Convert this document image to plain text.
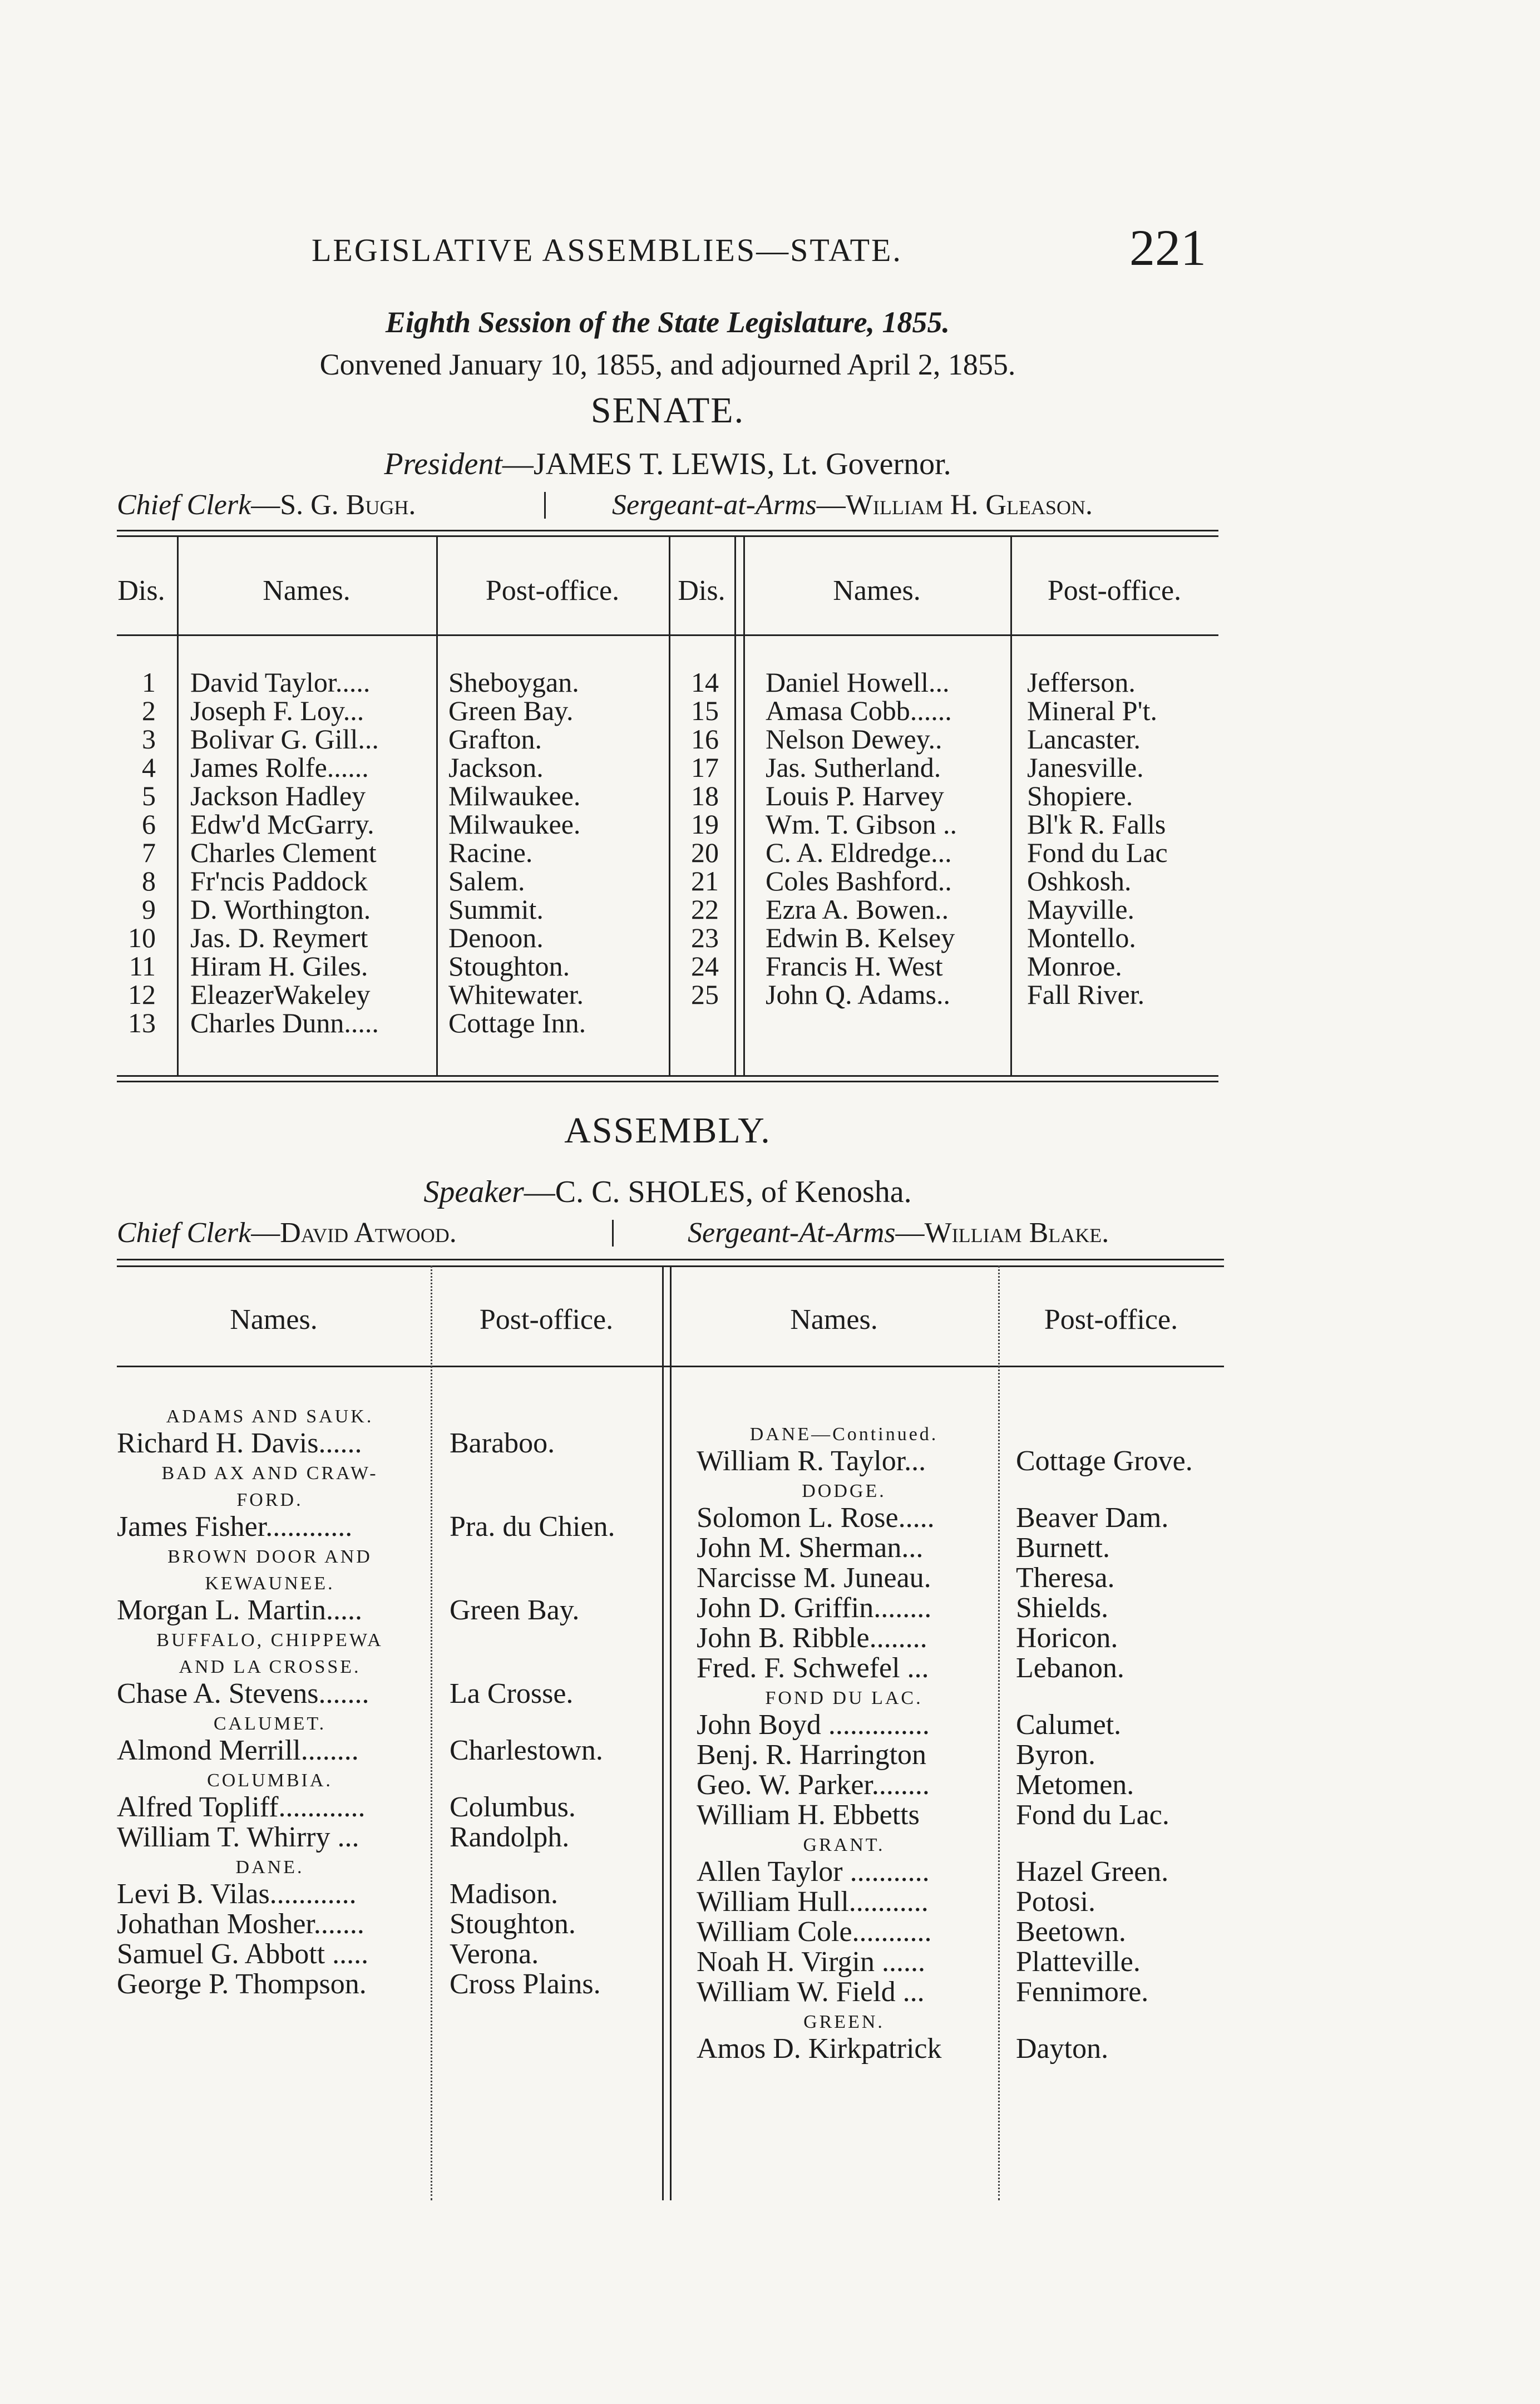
LEGISLATIVE ASSEMBLIES—STATE.	221
Eighth Session of the State Legislature, 1855.
Convened January 10, 1855, and adjourned April 2, 1855.
SENATE.
President—JAMES T. LEWIS, Lt. Governor.
Chief Clerk—S. G. Bugh.	Sergeant-at-Arms—William H. Gleason.
Dis.	Names.	Post-office.	Dis.	Names.	Post-office.
1 David Taylor.....	Sheboygan.
2 Joseph F. Loy...	Green Bay.
3 Bolivar G. Gill...	Grafton.
4 James Rolfe......	Jackson.
5 Jackson Hadley	Milwaukee.
6 Edw'd McGarry.	Milwaukee.
7 Charles Clement	Racine.
8 Fr'ncis Paddock	Salem.
9 D. Worthington.	Summit.
10 Jas. D. Reymert	Denoon.
11 Hiram H. Giles.	Stoughton.
12 EleazerWakeley	Whitewater.
13 Charles Dunn.....	Cottage Inn.
14 Daniel Howell...	Jefferson.
15 Amasa Cobb......	Mineral P't.
16 Nelson Dewey..	Lancaster.
17 Jas. Sutherland.	Janesville.
18 Louis P. Harvey	Shopiere.
19 Wm. T. Gibson ..	Bl'k R. Falls
20 C. A. Eldredge...	Fond du Lac
21 Coles Bashford..	Oshkosh.
22 Ezra A. Bowen..	Mayville.
23 Edwin B. Kelsey	Montello.
24 Francis H. West	Monroe.
25 John Q. Adams..	Fall River.
ASSEMBLY.
Speaker—C. C. SHOLES, of Kenosha.
Chief Clerk—David Atwood.	Sergeant-At-Arms—William Blake.
Names.	Post-office.	Names.	Post-office.
ADAMS AND SAUK.
Richard H. Davis......	Baraboo.
BAD AX AND CRAW-
FORD.
James Fisher............	Pra. du Chien.
BROWN DOOR AND
KEWAUNEE.
Morgan L. Martin.....	Green Bay.
BUFFALO, CHIPPEWA
AND LA CROSSE.
Chase A. Stevens.......	La Crosse.
CALUMET.
Almond Merrill........	Charlestown.
COLUMBIA.
Alfred Topliff............	Columbus.
William T. Whirry ...	Randolph.
DANE.
Levi B. Vilas............	Madison.
Johathan Mosher.......	Stoughton.
Samuel G. Abbott .....	Verona.
George P. Thompson.	Cross Plains.
DANE—Continued.
William R. Taylor...	Cottage Grove.
DODGE.
Solomon L. Rose.....	Beaver Dam.
John M. Sherman...	Burnett.
Narcisse M. Juneau.	Theresa.
John D. Griffin........	Shields.
John B. Ribble........	Horicon.
Fred. F. Schwefel ...	Lebanon.
FOND DU LAC.
John Boyd ..............	Calumet.
Benj. R. Harrington	Byron.
Geo. W. Parker........	Metomen.
William H. Ebbetts	Fond du Lac.
GRANT.
Allen Taylor ...........	Hazel Green.
William Hull...........	Potosi.
William Cole...........	Beetown.
Noah H. Virgin ......	Platteville.
William W. Field ...	Fennimore.
GREEN.
Amos D. Kirkpatrick	Dayton.
